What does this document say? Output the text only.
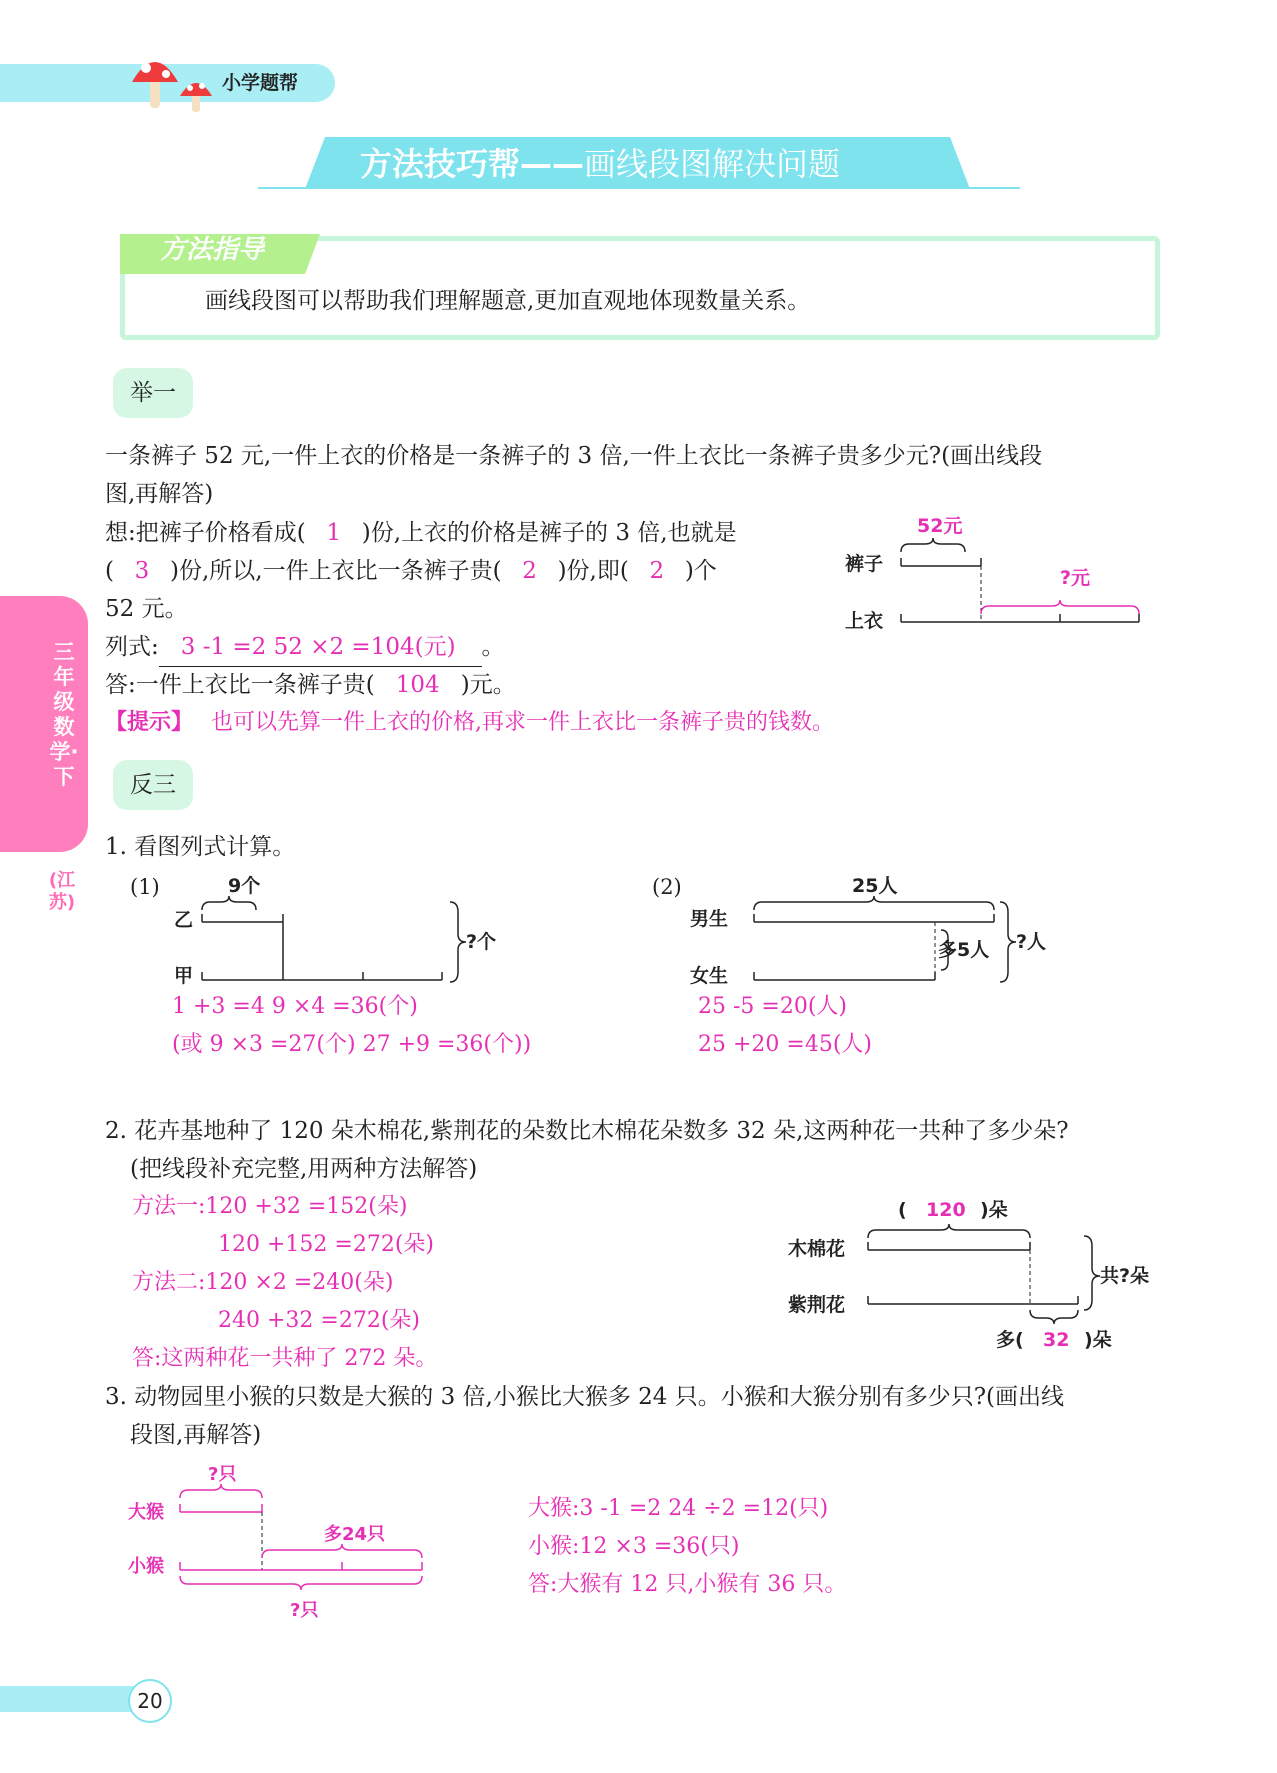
小学题帮
方法技巧帮——画线段图解决问题
方法指导
画线段图可以帮助我们理解题意,更加直观地体现数量关系。
三年级数学·下
(江苏)
举一
一条裤子 52 元,一件上衣的价格是一条裤子的 3 倍,一件上衣比一条裤子贵多少元?(画出线段
图,再解答)
想:把裤子价格看成( 1 )份,上衣的价格是裤子的 3 倍,也就是
( 3 )份,所以,一件上衣比一条裤子贵( 2 )份,即( 2 )个
52 元。
列式: 3 -1 =2 52 ×2 =104(元) 。
答:一件上衣比一条裤子贵( 104 )元。
【提示】 也可以先算一件上衣的价格,再求一件上衣比一条裤子贵的钱数。
52元
裤子
?元
上衣
反三
1. 看图列式计算。
(1)	9个
乙
甲
?个
1 +3 =4 9 ×4 =36(个)
(或 9 ×3 =27(个) 27 +9 =36(个))
(2)	25人
男生
多5人
女生
?人
25 -5 =20(人)
25 +20 =45(人)
2. 花卉基地种了 120 朵木棉花,紫荆花的朵数比木棉花朵数多 32 朵,这两种花一共种了多少朵?
(把线段补充完整,用两种方法解答)
方法一:120 +32 =152(朵)
120 +152 =272(朵)
方法二:120 ×2 =240(朵)
240 +32 =272(朵)
答:这两种花一共种了 272 朵。
( 120 )朵
木棉花
紫荆花
共?朵
多( 32 )朵
3. 动物园里小猴的只数是大猴的 3 倍,小猴比大猴多 24 只。小猴和大猴分别有多少只?(画出线
段图,再解答)
?只
大猴
多24只
小猴
?只
大猴:3 -1 =2 24 ÷2 =12(只)
小猴:12 ×3 =36(只)
答:大猴有 12 只,小猴有 36 只。
20
